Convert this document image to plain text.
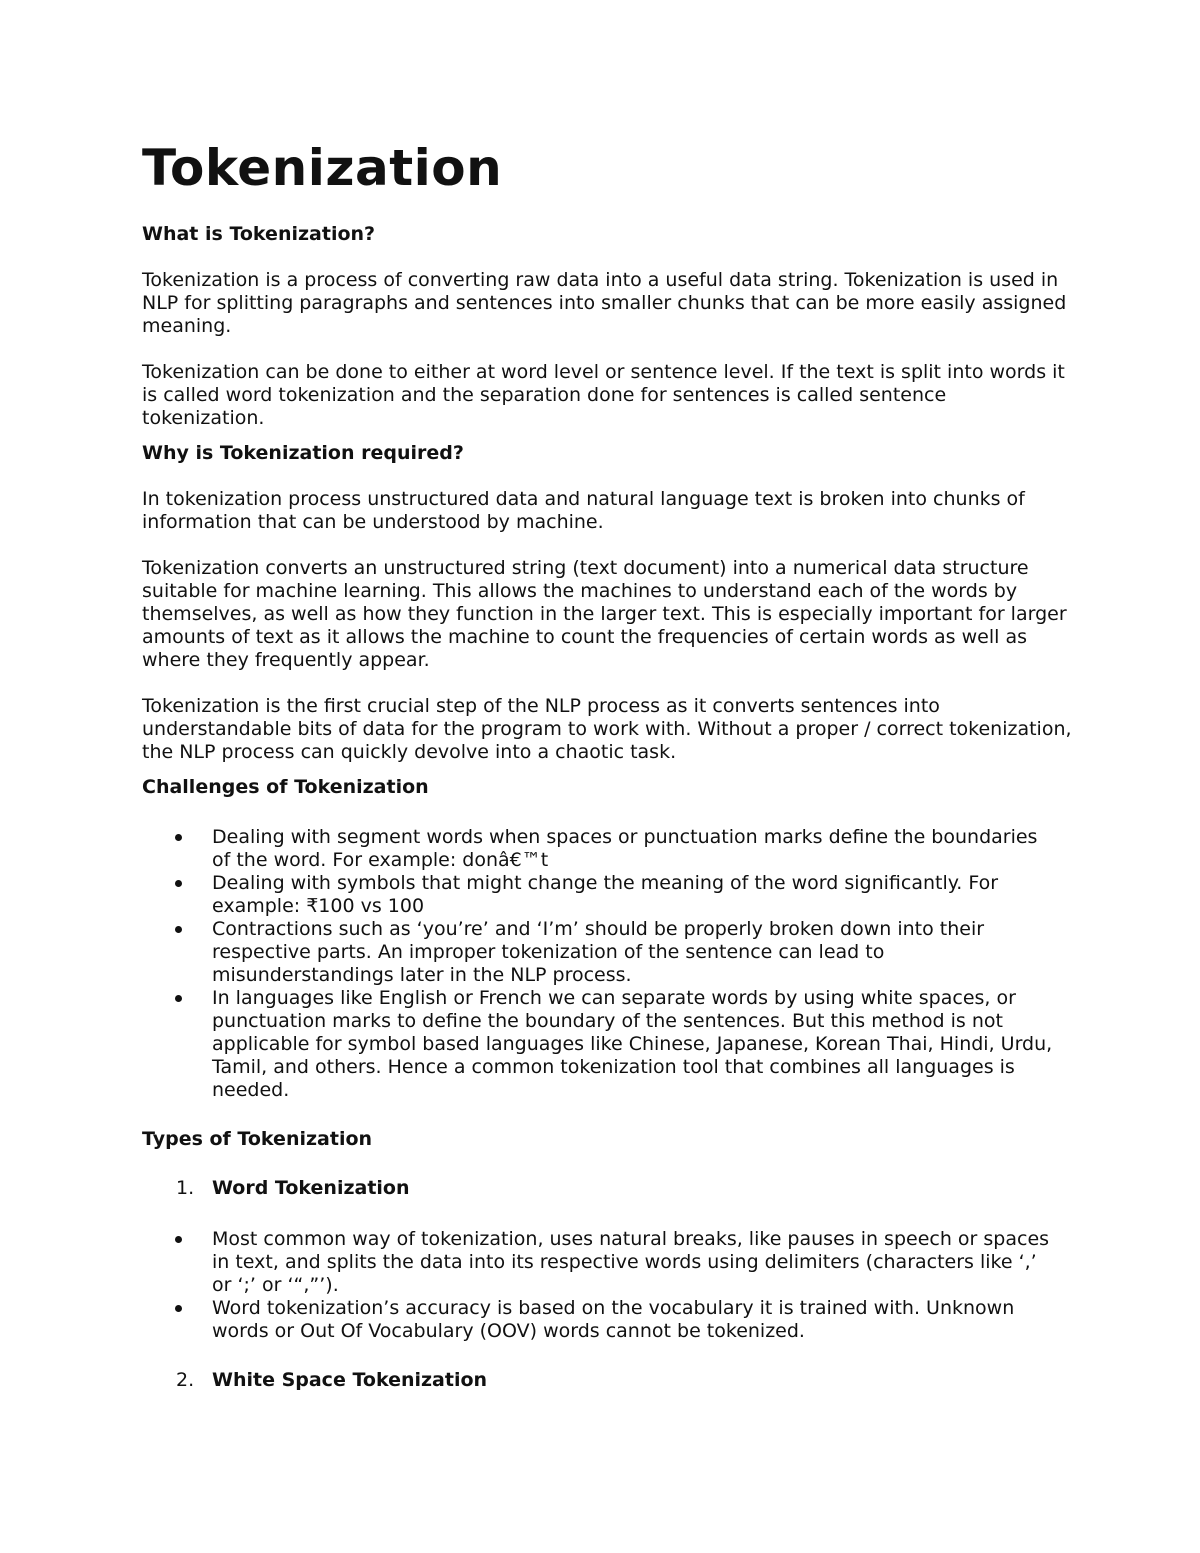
Tokenization

What is Tokenization?

Tokenization is a process of converting raw data into a useful data string. Tokenization is used in NLP for splitting paragraphs and sentences into smaller chunks that can be more easily assigned meaning.

Tokenization can be done to either at word level or sentence level. If the text is split into words it is called word tokenization and the separation done for sentences is called sentence tokenization.

Why is Tokenization required?

In tokenization process unstructured data and natural language text is broken into chunks of information that can be understood by machine.

Tokenization converts an unstructured string (text document) into a numerical data structure suitable for machine learning. This allows the machines to understand each of the words by themselves, as well as how they function in the larger text. This is especially important for larger amounts of text as it allows the machine to count the frequencies of certain words as well as where they frequently appear.

Tokenization is the first crucial step of the NLP process as it converts sentences into understandable bits of data for the program to work with. Without a proper / correct tokenization, the NLP process can quickly devolve into a chaotic task.

Challenges of Tokenization

Dealing with segment words when spaces or punctuation marks define the boundaries of the word. For example: donâ€™t
Dealing with symbols that might change the meaning of the word significantly. For example: ₹100 vs 100
Contractions such as ‘you’re’ and ‘I’m’ should be properly broken down into their respective parts. An improper tokenization of the sentence can lead to misunderstandings later in the NLP process.
In languages like English or French we can separate words by using white spaces, or punctuation marks to define the boundary of the sentences. But this method is not applicable for symbol based languages like Chinese, Japanese, Korean Thai, Hindi, Urdu, Tamil, and others. Hence a common tokenization tool that combines all languages is needed.

Types of Tokenization

1. Word Tokenization
Most common way of tokenization, uses natural breaks, like pauses in speech or spaces in text, and splits the data into its respective words using delimiters (characters like ‘,’ or ‘;’ or ‘“,”’).
Word tokenization’s accuracy is based on the vocabulary it is trained with. Unknown words or Out Of Vocabulary (OOV) words cannot be tokenized.
2. White Space Tokenization
